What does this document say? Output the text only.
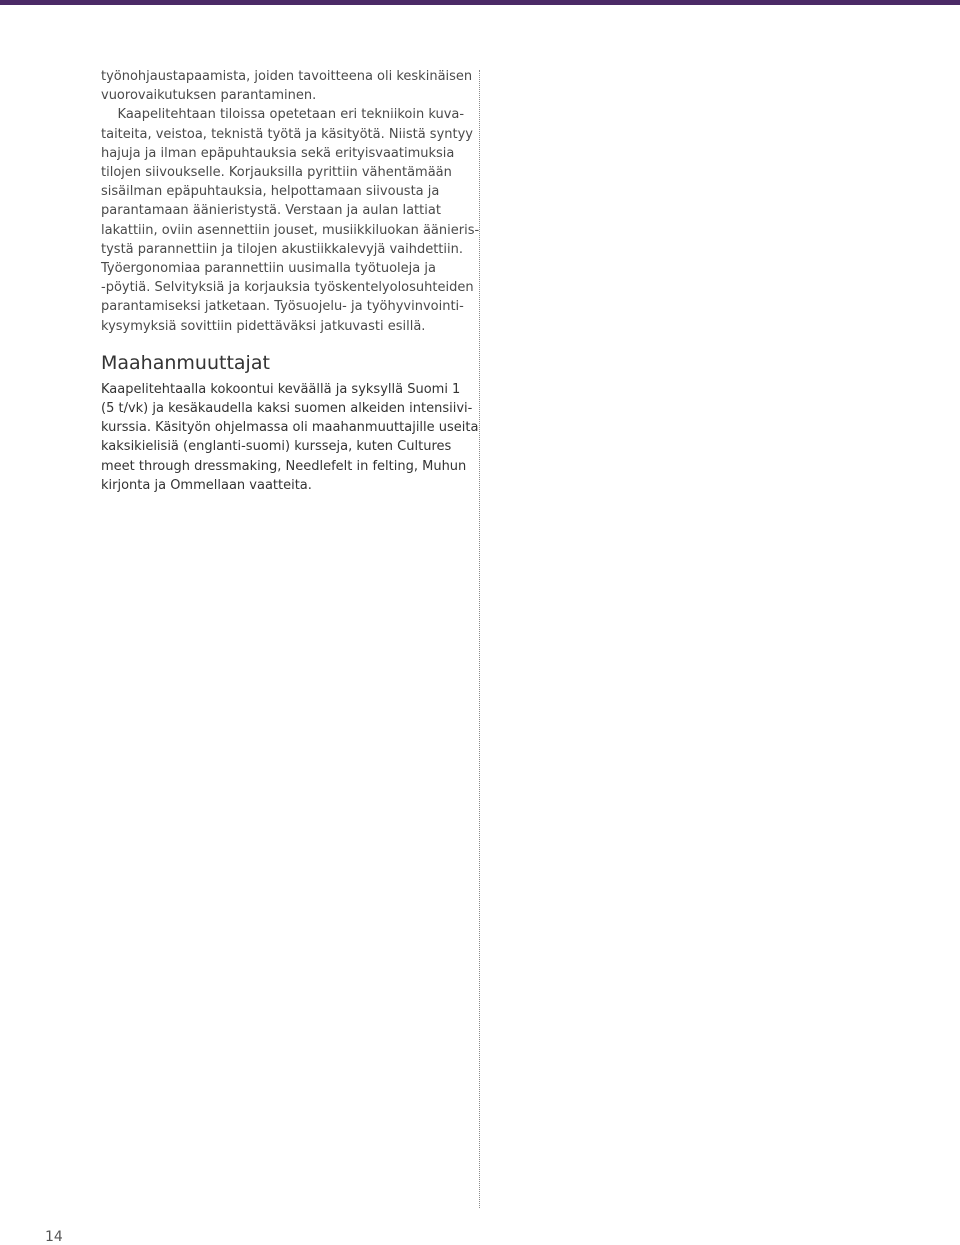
työnohjaustapaamista, joiden tavoitteena oli keskinäisen
vuorovaikutuksen parantaminen.
Kaapelitehtaan tiloissa opetetaan eri tekniikoin kuva-
taiteita, veistoa, teknistä työtä ja käsityötä. Niistä syntyy
hajuja ja ilman epäpuhtauksia sekä erityisvaatimuksia
tilojen siivoukselle. Korjauksilla pyrittiin vähentämään
sisäilman epäpuhtauksia, helpottamaan siivousta ja
parantamaan äänieristystä. Verstaan ja aulan lattiat
lakattiin, oviin asennettiin jouset, musiikkiluokan äänieris-
tystä parannettiin ja tilojen akustiikkalevyjä vaihdettiin.
Työergonomiaa parannettiin uusimalla työtuoleja ja
-pöytiä. Selvityksiä ja korjauksia työskentelyolosuhteiden
parantamiseksi jatketaan. Työsuojelu- ja työhyvinvointi-
kysymyksiä sovittiin pidettäväksi jatkuvasti esillä.

Maahanmuuttajat

Kaapelitehtaalla kokoontui keväällä ja syksyllä Suomi 1
(5 t/vk) ja kesäkaudella kaksi suomen alkeiden intensiivi-
kurssia. Käsityön ohjelmassa oli maahanmuuttajille useita
kaksikielisiä (englanti-suomi) kursseja, kuten Cultures
meet through dressmaking, Needlefelt in felting, Muhun
kirjonta ja Ommellaan vaatteita.

14
